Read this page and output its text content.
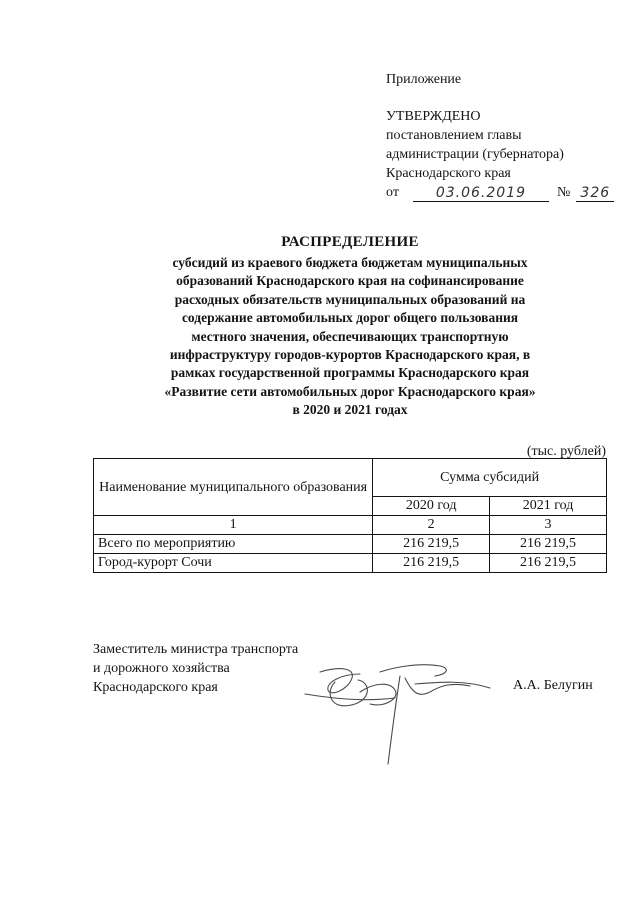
Приложение
УТВЕРЖДЕНО
постановлением главы
администрации (губернатора)
Краснодарского края
от	03.06.2019	№ 326
РАСПРЕДЕЛЕНИЕ
субсидий из краевого бюджета бюджетам муниципальных
образований Краснодарского края на софинансирование
расходных обязательств муниципальных образований на
содержание автомобильных дорог общего пользования
местного значения, обеспечивающих транспортную
инфраструктуру городов-курортов Краснодарского края, в
рамках государственной программы Краснодарского края
«Развитие сети автомобильных дорог Краснодарского края»
в 2020 и 2021 годах
(тыс. рублей)
Наименование муниципального образования	Сумма субсидий	
	2020 год	2021 год
1	2	3
Всего по мероприятию	216 219,5	216 219,5
Город-курорт Сочи	216 219,5	216 219,5
Заместитель министра транспорта
и дорожного хозяйства
Краснодарского края	А.А. Белугин
